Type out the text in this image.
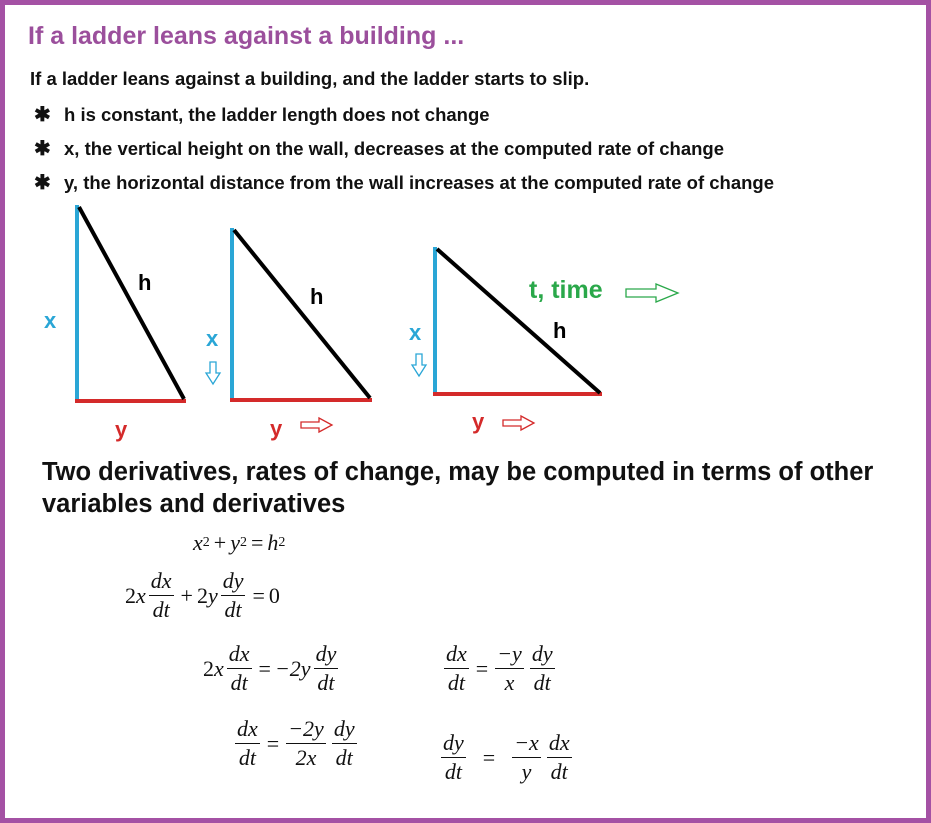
If a ladder leans against a building ...
If a ladder leans against a building, and the ladder starts to slip.
✱ h is constant, the ladder length does not change
✱ x, the vertical height on the wall, decreases at the computed rate of change
✱ y, the horizontal distance from the wall increases at the computed rate of change
x
h
y
x
h
y
x	h
y
t, time
Two derivatives, rates of change, may be computed in terms of other variables and derivatives
x 2 + y 2 = h 2
2 x $\frac{dx}{dt} + 2$ y $\frac{dy}{dt} = 0$
2 x $\frac{dx}{dt} = -2y \frac{dy}{dt}$
$\frac{dx}{dt} = \frac{-2y}{2x} \frac{dy}{dt}$
$\frac{dx}{dt} = \frac{-y}{x} \frac{dy}{dt}$
$\frac{dy}{dt} = \frac{-x}{y} \frac{dx}{dt}$
